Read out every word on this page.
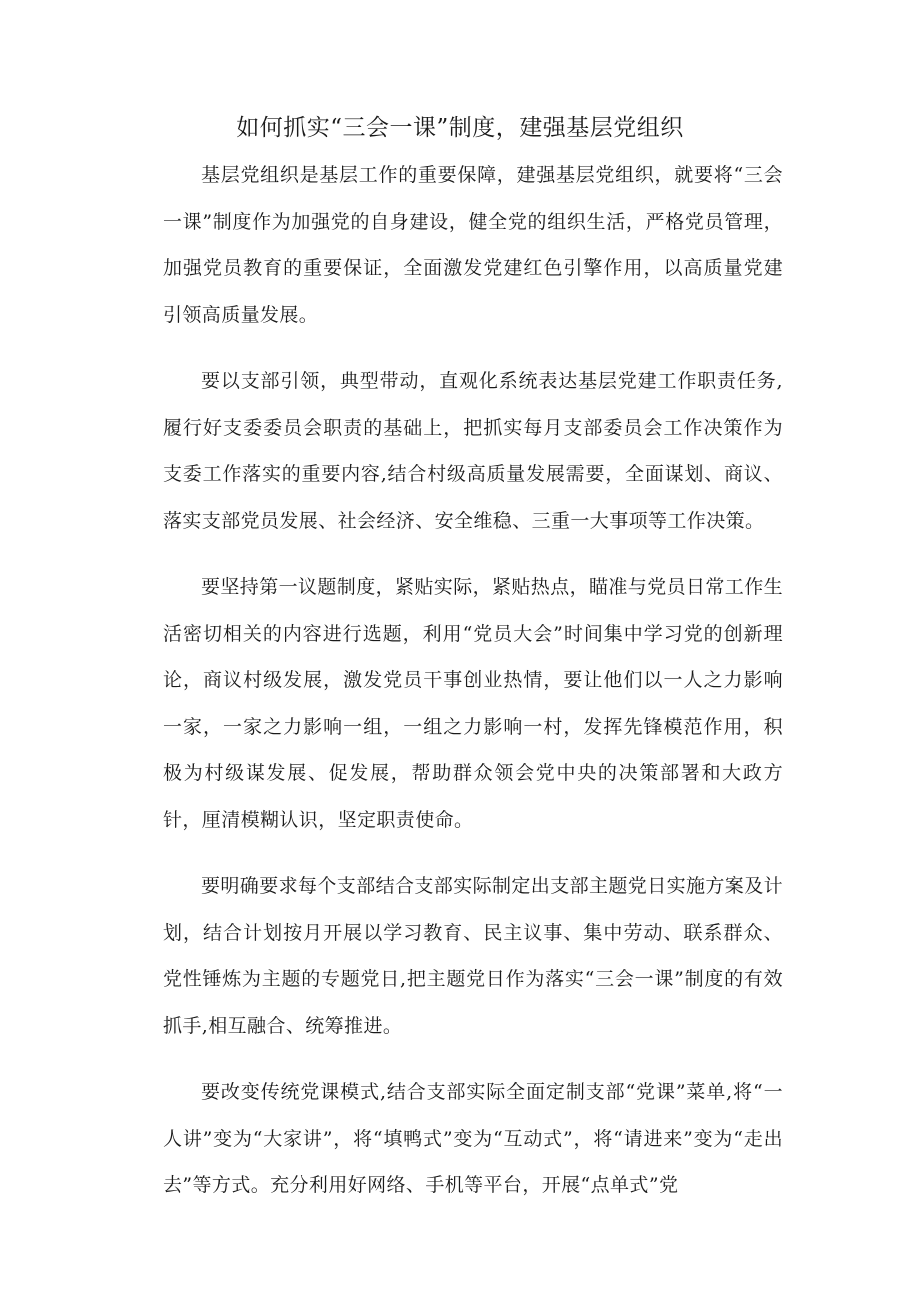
如何抓实“三会一课”制度，建强基层党组织

基层党组织是基层工作的重要保障，建强基层党组织，就要将“三会一课”制度作为加强党的自身建设，健全党的组织生活，严格党员管理，加强党员教育的重要保证，全面激发党建红色引擎作用，以高质量党建引领高质量发展。

要以支部引领，典型带动，直观化系统表达基层党建工作职责任务,履行好支委委员会职责的基础上，把抓实每月支部委员会工作决策作为支委工作落实的重要内容,结合村级高质量发展需要，全面谋划、商议、落实支部党员发展、社会经济、安全维稳、三重一大事项等工作决策。

要坚持第一议题制度，紧贴实际，紧贴热点，瞄准与党员日常工作生活密切相关的内容进行选题，利用“党员大会”时间集中学习党的创新理论，商议村级发展，激发党员干事创业热情，要让他们以一人之力影响一家，一家之力影响一组，一组之力影响一村，发挥先锋模范作用，积极为村级谋发展、促发展，帮助群众领会党中央的决策部署和大政方针，厘清模糊认识，坚定职责使命。

要明确要求每个支部结合支部实际制定出支部主题党日实施方案及计划，结合计划按月开展以学习教育、民主议事、集中劳动、联系群众、党性锤炼为主题的专题党日,把主题党日作为落实“三会一课”制度的有效抓手,相互融合、统筹推进。

要改变传统党课模式,结合支部实际全面定制支部“党课”菜单,将“一人讲”变为“大家讲”，将“填鸭式”变为“互动式”，将“请进来”变为“走出去”等方式。充分利用好网络、手机等平台，开展“点单式”党
